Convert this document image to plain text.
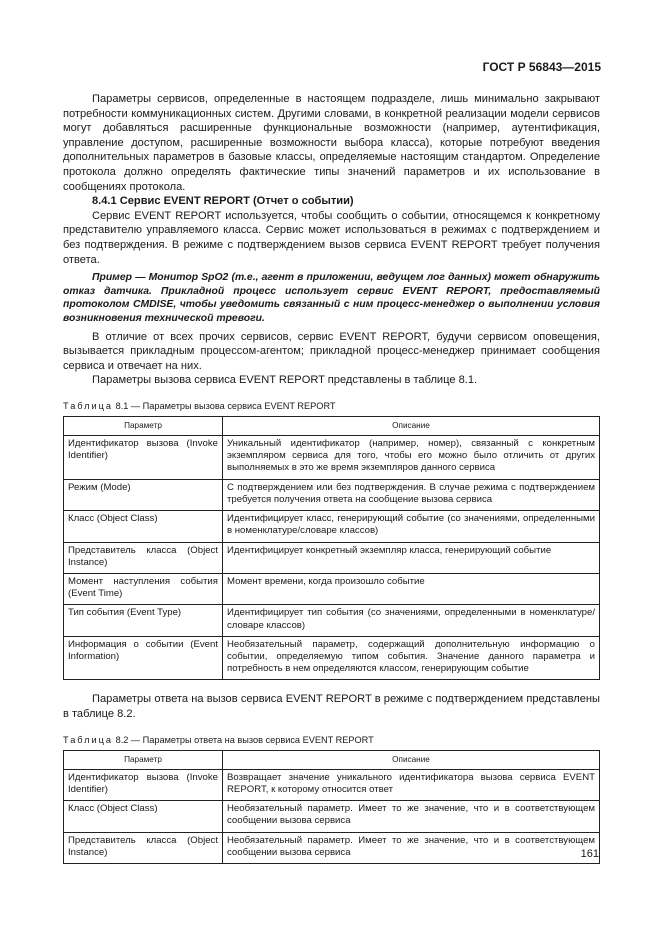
ГОСТ Р 56843—2015

Параметры сервисов, определенные в настоящем подразделе, лишь минимально закрывают потребности коммуникационных систем. Другими словами, в конкретной реализации модели сервисов могут добавляться расширенные функциональные возможности (например, аутентификация, управление доступом, расширенные возможности выбора класса), которые потребуют введения дополнительных параметров в базовые классы, определяемые настоящим стандартом. Определение протокола должно определять фактические типы значений параметров и их использование в сообщениях протокола.

8.4.1 Сервис EVENT REPORT (Отчет о событии)

Сервис EVENT REPORT используется, чтобы сообщить о событии, относящемся к конкретному представителю управляемого класса. Сервис может использоваться в режимах с подтверждением и без подтверждения. В режиме с подтверждением вызов сервиса EVENT REPORT требует получения ответа.

Пример — Монитор SpO2 (т.е., агент в приложении, ведущем лог данных) может обнаружить отказ датчика. Прикладной процесс использует сервис EVENT REPORT, предоставляемый протоколом CMDISE, чтобы уведомить связанный с ним процесс-менеджер о выполнении условия возникновения технической тревоги.

В отличие от всех прочих сервисов, сервис EVENT REPORT, будучи сервисом оповещения, вызывается прикладным процессом-агентом; прикладной процесс-менеджер принимает сообщения сервиса и отвечает на них.

Параметры вызова сервиса EVENT REPORT представлены в таблице 8.1.

Таблица 8.1 — Параметры вызова сервиса EVENT REPORT
Параметр	Описание
Идентификатор вызова (Invoke Identifier)	Уникальный идентификатор (например, номер), связанный с конкретным экземпляром сервиса для того, чтобы его можно было отличить от других выполняемых в это же время экземпляров данного сервиса
Режим (Mode)	С подтверждением или без подтверждения. В случае режима с подтверждением требуется получения ответа на сообщение вызова сервиса
Класс (Object Class)	Идентифицирует класс, генерирующий событие (со значениями, определенными в номенклатуре/словаре классов)
Представитель класса (Object Instance)	Идентифицирует конкретный экземпляр класса, генерирующий событие
Момент наступления события (Event Time)	Момент времени, когда произошло событие
Тип события (Event Type)	Идентифицирует тип события (со значениями, определенными в номенклатуре/словаре классов)
Информация о событии (Event Information)	Необязательный параметр, содержащий дополнительную информацию о событии, определяемую типом события. Значение данного параметра и потребность в нем определяются классом, генерирующим событие

Параметры ответа на вызов сервиса EVENT REPORT в режиме с подтверждением представлены в таблице 8.2.

Таблица 8.2 — Параметры ответа на вызов сервиса EVENT REPORT
Параметр	Описание
Идентификатор вызова (Invoke Identifier)	Возвращает значение уникального идентификатора вызова сервиса EVENT REPORT, к которому относится ответ
Класс (Object Class)	Необязательный параметр. Имеет то же значение, что и в соответствующем сообщении вызова сервиса
Представитель класса (Object Instance)	Необязательный параметр. Имеет то же значение, что и в соответствующем сообщении вызова сервиса	161
